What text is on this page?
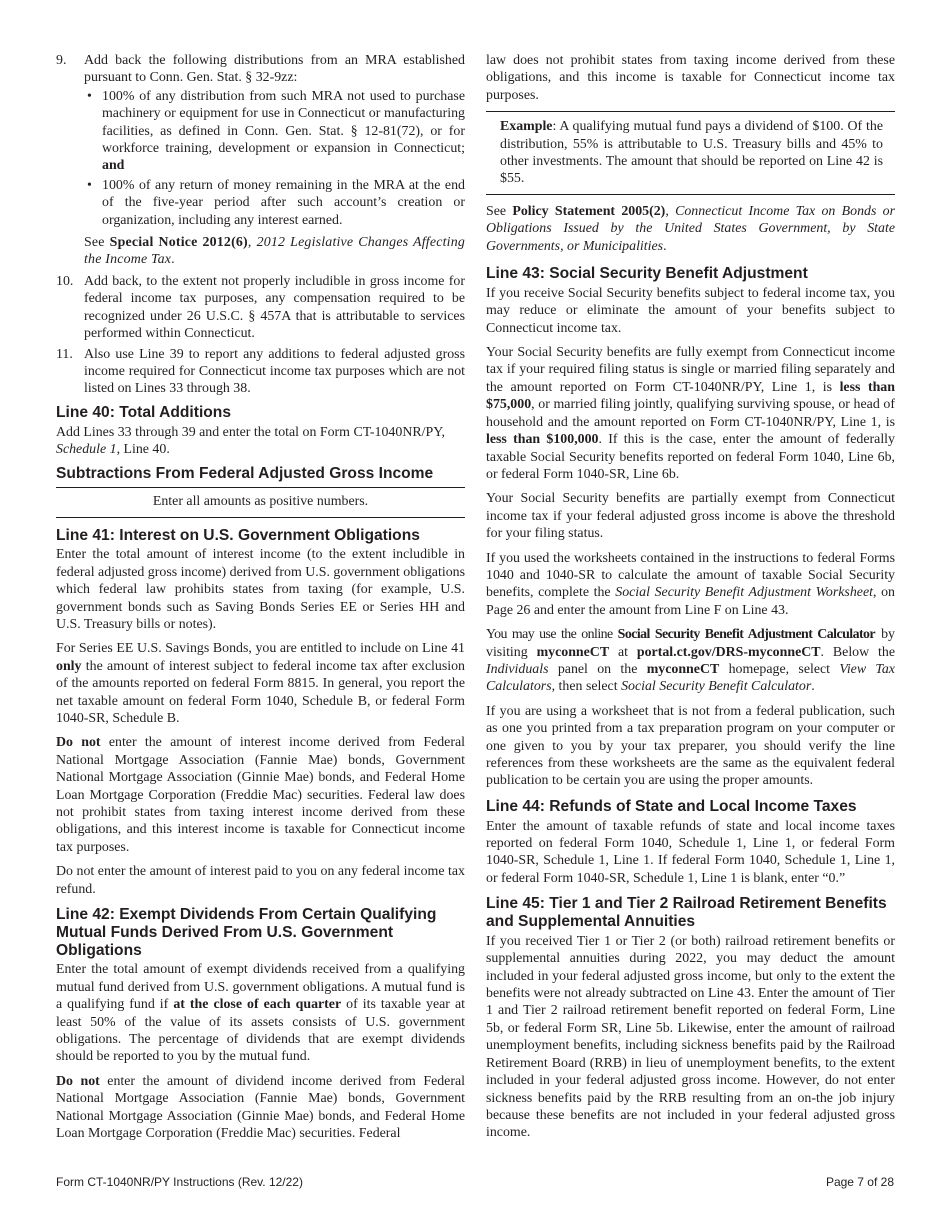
9.	Add back the following distributions from an MRA established pursuant to Conn. Gen. Stat. § 32-9zz:
• 100% of any distribution from such MRA not used to purchase machinery or equipment for use in Connecticut or manufacturing facilities, as defined in Conn. Gen. Stat. § 12-81(72), or for workforce training, development or expansion in Connecticut; and
• 100% of any return of money remaining in the MRA at the end of the five-year period after such account’s creation or organization, including any interest earned.

See Special Notice 2012(6), 2012 Legislative Changes Affecting the Income Tax.

10. Add back, to the extent not properly includible in gross income for federal income tax purposes, any compensation required to be recognized under 26 U.S.C. § 457A that is attributable to services performed within Connecticut.
11. Also use Line 39 to report any additions to federal adjusted gross income required for Connecticut income tax purposes which are not listed on Lines 33 through 38.
Line 40: Total Additions

Add Lines 33 through 39 and enter the total on Form CT-1040NR/PY, Schedule 1, Line 40.

Subtractions From Federal Adjusted Gross Income
Enter all amounts as positive numbers.
Line 41: Interest on U.S. Government Obligations

Enter the total amount of interest income (to the extent includible in federal adjusted gross income) derived from U.S. government obligations which federal law prohibits states from taxing (for example, U.S. government bonds such as Saving Bonds Series EE or Series HH and U.S. Treasury bills or notes).

For Series EE U.S. Savings Bonds, you are entitled to include on Line 41 only the amount of interest subject to federal income tax after exclusion of the amounts reported on federal Form 8815. In general, you report the net taxable amount on federal Form 1040, Schedule B, or federal Form 1040-SR, Schedule B.

Do not enter the amount of interest income derived from Federal National Mortgage Association (Fannie Mae) bonds, Government National Mortgage Association (Ginnie Mae) bonds, and Federal Home Loan Mortgage Corporation (Freddie Mac) securities. Federal law does not prohibit states from taxing interest income derived from these obligations, and this interest income is taxable for Connecticut income tax purposes.

Do not enter the amount of interest paid to you on any federal income tax refund.

Line 42: Exempt Dividends From Certain Qualifying Mutual Funds Derived From U.S. Government Obligations

Enter the total amount of exempt dividends received from a qualifying mutual fund derived from U.S. government obligations. A mutual fund is a qualifying fund if at the close of each quarter of its taxable year at least 50% of the value of its assets consists of U.S. government obligations. The percentage of dividends that are exempt dividends should be reported to you by the mutual fund.

Do not enter the amount of dividend income derived from Federal National Mortgage Association (Fannie Mae) bonds, Government National Mortgage Association (Ginnie Mae) bonds, and Federal Home Loan Mortgage Corporation (Freddie Mac) securities. Federal

law does not prohibit states from taxing income derived from these obligations, and this income is taxable for Connecticut income tax purposes.

Example: A qualifying mutual fund pays a dividend of $100. Of the distribution, 55% is attributable to U.S. Treasury bills and 45% to other investments. The amount that should be reported on Line 42 is $55.

See Policy Statement 2005(2), Connecticut Income Tax on Bonds or Obligations Issued by the United States Government, by State Governments, or Municipalities.

Line 43: Social Security Benefit Adjustment

If you receive Social Security benefits subject to federal income tax, you may reduce or eliminate the amount of your benefits subject to Connecticut income tax.

Your Social Security benefits are fully exempt from Connecticut income tax if your required filing status is single or married filing separately and the amount reported on Form CT-1040NR/PY, Line 1, is less than $75,000, or married filing jointly, qualifying surviving spouse, or head of household and the amount reported on Form CT-1040NR/PY, Line 1, is less than $100,000. If this is the case, enter the amount of federally taxable Social Security benefits reported on federal Form 1040, Line 6b, or federal Form 1040-SR, Line 6b.

Your Social Security benefits are partially exempt from Connecticut income tax if your federal adjusted gross income is above the threshold for your filing status.

If you used the worksheets contained in the instructions to federal Forms 1040 and 1040-SR to calculate the amount of taxable Social Security benefits, complete the Social Security Benefit Adjustment Worksheet, on Page 26 and enter the amount from Line F on Line 43.

You may use the online Social Security Benefit Adjustment Calculator by visiting myconneCT at portal.ct.gov/DRS-myconneCT. Below the Individuals panel on the myconneCT homepage, select View Tax Calculators, then select Social Security Benefit Calculator.

If you are using a worksheet that is not from a federal publication, such as one you printed from a tax preparation program on your computer or one given to you by your tax preparer, you should verify the line references from these worksheets are the same as the equivalent federal publication to be certain you are using the proper amounts.

Line 44: Refunds of State and Local Income Taxes

Enter the amount of taxable refunds of state and local income taxes reported on federal Form 1040, Schedule 1, Line 1, or federal Form 1040-SR, Schedule 1, Line 1. If federal Form 1040, Schedule 1, Line 1, or federal Form 1040-SR, Schedule 1, Line 1 is blank, enter “0.”

Line 45: Tier 1 and Tier 2 Railroad Retirement Benefits and Supplemental Annuities

If you received Tier 1 or Tier 2 (or both) railroad retirement benefits or supplemental annuities during 2022, you may deduct the amount included in your federal adjusted gross income, but only to the extent the benefits were not already subtracted on Line 43. Enter the amount of Tier 1 and Tier 2 railroad retirement benefit reported on federal Form, Line 5b, or federal Form SR, Line 5b. Likewise, enter the amount of railroad unemployment benefits, including sickness benefits paid by the Railroad Retirement Board (RRB) in lieu of unemployment benefits, to the extent included in your federal adjusted gross income. However, do not enter sickness benefits paid by the RRB resulting from an on-the job injury because these benefits are not included in your federal adjusted gross income.

Form CT-1040NR/PY Instructions (Rev. 12/22)	Page 7 of 28
